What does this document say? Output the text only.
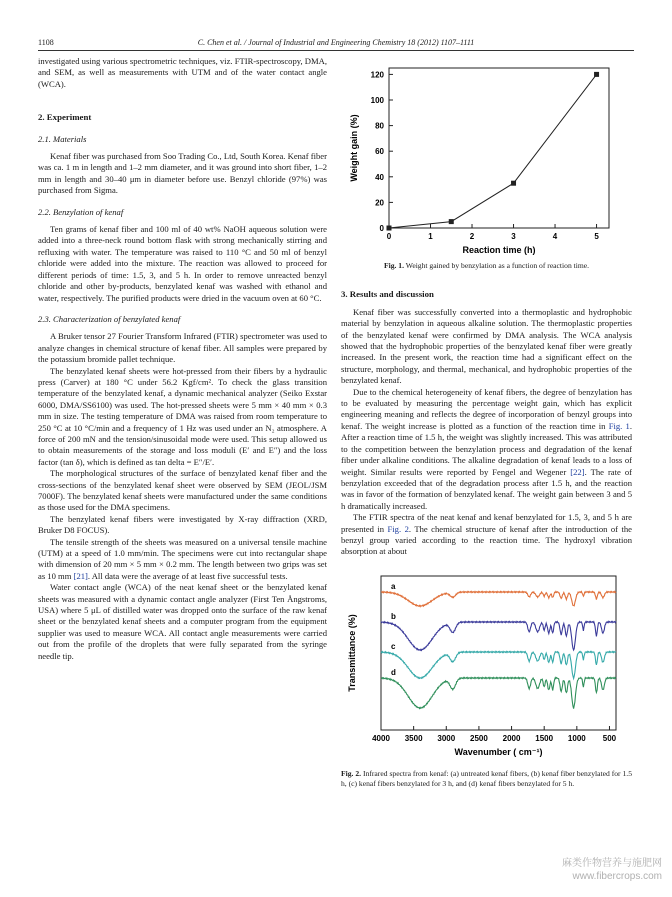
1108	C. Chen et al. / Journal of Industrial and Engineering Chemistry 18 (2012) 1107–1111

investigated using various spectrometric techniques, viz. FTIR-spectroscopy, DMA, and SEM, as well as measurements with UTM and of the water contact angle (WCA).

2. Experiment
2.1. Materials

Kenaf fiber was purchased from Soo Trading Co., Ltd, South Korea. Kenaf fiber was ca. 1 m in length and 1–2 mm diameter, and it was ground into short fiber, 1–2 mm in length and 30–40 μm in diameter before use. Benzyl chloride (97%) was purchased from Sigma.

2.2. Benzylation of kenaf

Ten grams of kenaf fiber and 100 ml of 40 wt% NaOH aqueous solution were added into a three-neck round bottom flask with strong mechanically stirring and refluxing with water. The temperature was raised to 110 °C and 50 ml of benzyl chloride were added into the mixture. The reaction was allowed to proceed for different periods of time: 1.5, 3, and 5 h. In order to remove unreacted benzyl chloride and other by-products, benzylated kenaf was washed with ethanol and water, respectively. The purified products were dried in the vacuum oven at 60 °C.

2.3. Characterization of benzylated kenaf

A Bruker tensor 27 Fourier Transform Infrared (FTIR) spectrometer was used to analyze changes in chemical structure of kenaf fiber. All samples were prepared by the potassium bromide pallet technique.

The benzylated kenaf sheets were hot-pressed from their fibers by a hydraulic press (Carver) at 180 °C under 56.2 Kgf/cm². To check the glass transition temperature of the benzylated kenaf, a dynamic mechanical analyzer (Seiko Exstar 6000, DMA/SS6100) was used. The hot-pressed sheets were 5 mm × 40 mm × 0.3 mm in size. The testing temperature of DMA was raised from room temperature to 250 °C at 10 °C/min and a frequency of 1 Hz was used under an N₂ atmosphere. A force of 200 mN and the tension/sinusoidal mode were used. This setup allowed us to obtain measurements of the storage and loss moduli (E′ and E″) and the loss factor (tan δ), which is defined as tan delta = E″/E′.

The morphological structures of the surface of benzylated kenaf fiber and the cross-sections of the benzylated kenaf sheet were observed by SEM (JEOL/JSM 7000F). The benzylated kenaf sheets were manufactured under the same conditions as those used for the DMA specimens.

The benzylated kenaf fibers were investigated by X-ray diffraction (XRD, Bruker D8 FOCUS).

The tensile strength of the sheets was measured on a universal tensile machine (UTM) at a speed of 1.0 mm/min. The specimens were cut into rectangular shape with dimension of 20 mm × 5 mm × 0.2 mm. The length between two grips was set as 10 mm [21]. All data were the average of at least five successful tests.

Water contact angle (WCA) of the neat kenaf sheet or the benzylated kenaf sheets was measured with a dynamic contact angle analyzer (First Ten Ångstroms, USA) where 5 μL of distilled water was dropped onto the surface of the raw kenaf sheet or the benzylated kenaf sheets and a computer program from the equipment supplier was used to measure WCA. All contact angle measurements were carried out from the profile of the droplets that were fully separated from the syringe needle tip.

0
20
40
60
80
100
120
0	1	2	3	4	5
Reaction time (h)
Weight gain (%)
Fig. 1. Weight gained by benzylation as a function of reaction time.
3. Results and discussion

Kenaf fiber was successfully converted into a thermoplastic and hydrophobic material by benzylation in aqueous alkaline solution. The thermoplastic properties of the benzylated kenaf were confirmed by DMA analysis. The WCA analysis showed that the hydrophobic properties of the benzylated kenaf fiber were greatly increased. In the present work, the reaction time had a significant effect on the structure, morphology, and thermal, mechanical, and hydrophobic properties of the benzylated kenaf.

Due to the chemical heterogeneity of kenaf fibers, the degree of benzylation has to be evaluated by measuring the percentage weight gain, which has explicit engineering meaning and reflects the degree of incorporation of benzyl groups into kenaf. The weight increase is plotted as a function of the reaction time in Fig. 1. After a reaction time of 1.5 h, the weight was slightly increased. This was attributed to the competition between the benzylation process and degradation of the kenaf fiber under alkaline conditions. The alkaline degradation of kenaf leads to a loss of weight. Similar results were reported by Fengel and Wegener [22]. The rate of benzylation exceeded that of the degradation process after 1.5 h, and the reaction was in favor of the formation of benzylated kenaf. The weight gain between 3 and 5 h dramatically increased.

The FTIR spectra of the neat kenaf and kenaf benzylated for 1.5, 3, and 5 h are presented in Fig. 2. The chemical structure of kenaf after the introduction of the benzyl group varied according to the reaction time. The hydroxyl vibration absorption at about

4000 3500 3000 2500 2000 1500 1000 500
Wavenumber ( cm⁻¹)
Transmittance (%)
a
b
c
d
Fig. 2. Infrared spectra from kenaf: (a) untreated kenaf fibers, (b) kenaf fiber benzylated for 1.5 h, (c) kenaf fibers benzylated for 3 h, and (d) kenaf fibers benzylated for 5 h.
麻类作物营养与施肥网
www.fibercrops.com
